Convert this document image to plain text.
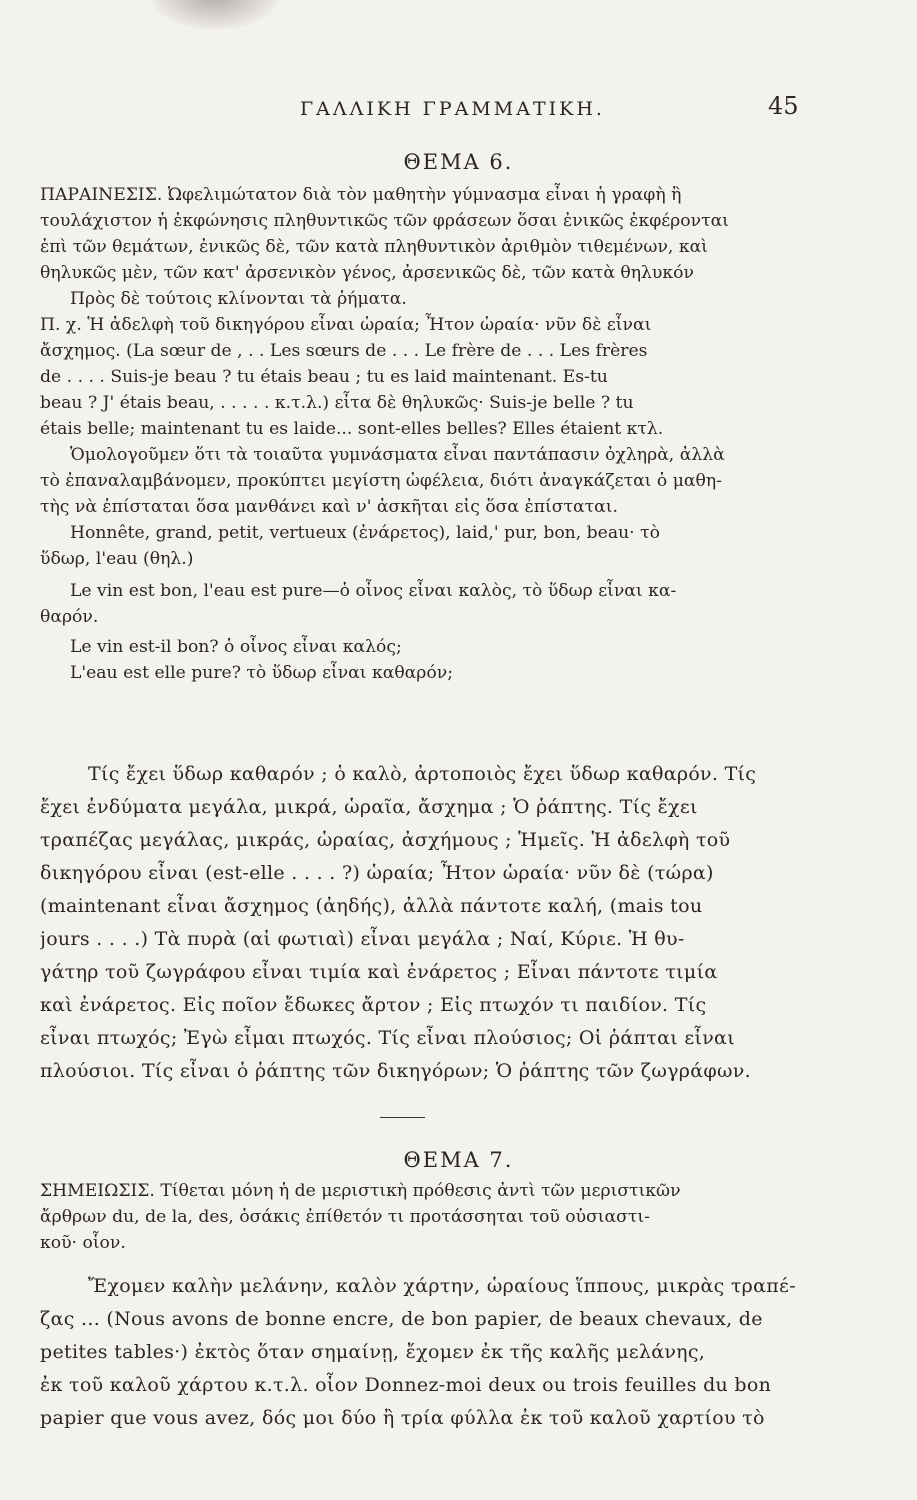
ΓΑΛΛΙΚΗ ΓΡΑΜΜΑΤΙΚΗ.	45
ΘΕΜΑ 6.
ΠΑΡΑΙΝΕΣΙΣ. Ὠφελιμώτατον διὰ τὸν μαθητὴν γύμνασμα εἶναι ἡ γραφὴ ἢ
τουλάχιστον ἡ ἐκφώνησις πληθυντικῶς τῶν φράσεων ὅσαι ἐνικῶς ἐκφέρονται
ἐπὶ τῶν θεμάτων, ἐνικῶς δὲ, τῶν κατὰ πληθυντικὸν ἀριθμὸν τιθεμένων, καὶ
θηλυκῶς μὲν, τῶν κατ' ἀρσενικὸν γένος, ἀρσενικῶς δὲ, τῶν κατὰ θηλυκόν
Πρὸς δὲ τούτοις κλίνονται τὰ ῥήματα.
Π. χ. Ἡ ἀδελφὴ τοῦ δικηγόρου εἶναι ὡραία; Ἦτον ὡραία· νῦν δὲ εἶναι
ἄσχημος. (La sœur de , . . Les sœurs de . . . Le frère de . . . Les frères
de . . . . Suis-je beau ? tu étais beau ; tu es laid maintenant. Es-tu
beau ? J' étais beau, . . . . . κ.τ.λ.) εἶτα δὲ θηλυκῶς· Suis-je belle ? tu
étais belle; maintenant tu es laide... sont-elles belles? Elles étaient κτλ.
Ὁμολογοῦμεν ὅτι τὰ τοιαῦτα γυμνάσματα εἶναι παντάπασιν ὀχληρὰ, ἀλλὰ
τὸ ἐπαναλαμβάνομεν, προκύπτει μεγίστη ὠφέλεια, διότι ἀναγκάζεται ὁ μαθη-
τὴς νὰ ἐπίσταται ὅσα μανθάνει καὶ ν' ἀσκῆται εἰς ὅσα ἐπίσταται.
Honnête, grand, petit, vertueux (ἐνάρετος), laid,' pur, bon, beau· τὸ
ὕδωρ, l'eau (θηλ.)
Le vin est bon, l'eau est pure—ὁ οἶνος εἶναι καλὸς, τὸ ὕδωρ εἶναι κα-
θαρόν.
Le vin est-il bon? ὁ οἶνος εἶναι καλός;
L'eau est elle pure? τὸ ὕδωρ εἶναι καθαρόν;
Τίς ἔχει ὕδωρ καθαρόν ; ὁ καλὸ, ἀρτοποιὸς ἔχει ὕδωρ καθαρόν. Τίς
ἔχει ἐνδύματα μεγάλα, μικρά, ὡραῖα, ἄσχημα ; Ὁ ῥάπτης. Τίς ἔχει
τραπέζας μεγάλας, μικράς, ὡραίας, ἀσχήμους ; Ἡμεῖς. Ἡ ἀδελφὴ τοῦ
δικηγόρου εἶναι (est-elle . . . . ?) ὡραία; Ἦτον ὡραία· νῦν δὲ (τώρα)
(maintenant εἶναι ἄσχημος (ἀηδής), ἀλλὰ πάντοτε καλή, (mais tou
jours . . . .) Τὰ πυρὰ (αἱ φωτιαὶ) εἶναι μεγάλα ; Ναί, Κύριε. Ἡ θυ-
γάτηρ τοῦ ζωγράφου εἶναι τιμία καὶ ἐνάρετος ; Εἶναι πάντοτε τιμία
καὶ ἐνάρετος. Εἰς ποῖον ἔδωκες ἄρτον ; Εἰς πτωχόν τι παιδίον. Τίς
εἶναι πτωχός; Ἐγὼ εἶμαι πτωχός. Τίς εἶναι πλούσιος; Οἱ ῥάπται εἶναι
πλούσιοι. Τίς εἶναι ὁ ῥάπτης τῶν δικηγόρων; Ὁ ῥάπτης τῶν ζωγράφων.
ΘΕΜΑ 7.
ΣΗΜΕΙΩΣΙΣ. Τίθεται μόνη ἡ de μεριστικὴ πρόθεσις ἀντὶ τῶν μεριστικῶν
ἄρθρων du, de la, des, ὁσάκις ἐπίθετόν τι προτάσσηται τοῦ οὐσιαστι-
κοῦ· οἷον.
Ἔχομεν καλὴν μελάνην, καλὸν χάρτην, ὡραίους ἵππους, μικρὰς τραπέ-
ζας ... (Nous avons de bonne encre, de bon papier, de beaux chevaux, de
petites tables·) ἐκτὸς ὅταν σημαίνῃ, ἔχομεν ἐκ τῆς καλῆς μελάνης,
ἐκ τοῦ καλοῦ χάρτου κ.τ.λ. οἷον Donnez-moi deux ou trois feuilles du bon
papier que vous avez, δός μοι δύο ἢ τρία φύλλα ἐκ τοῦ καλοῦ χαρτίου τὸ
